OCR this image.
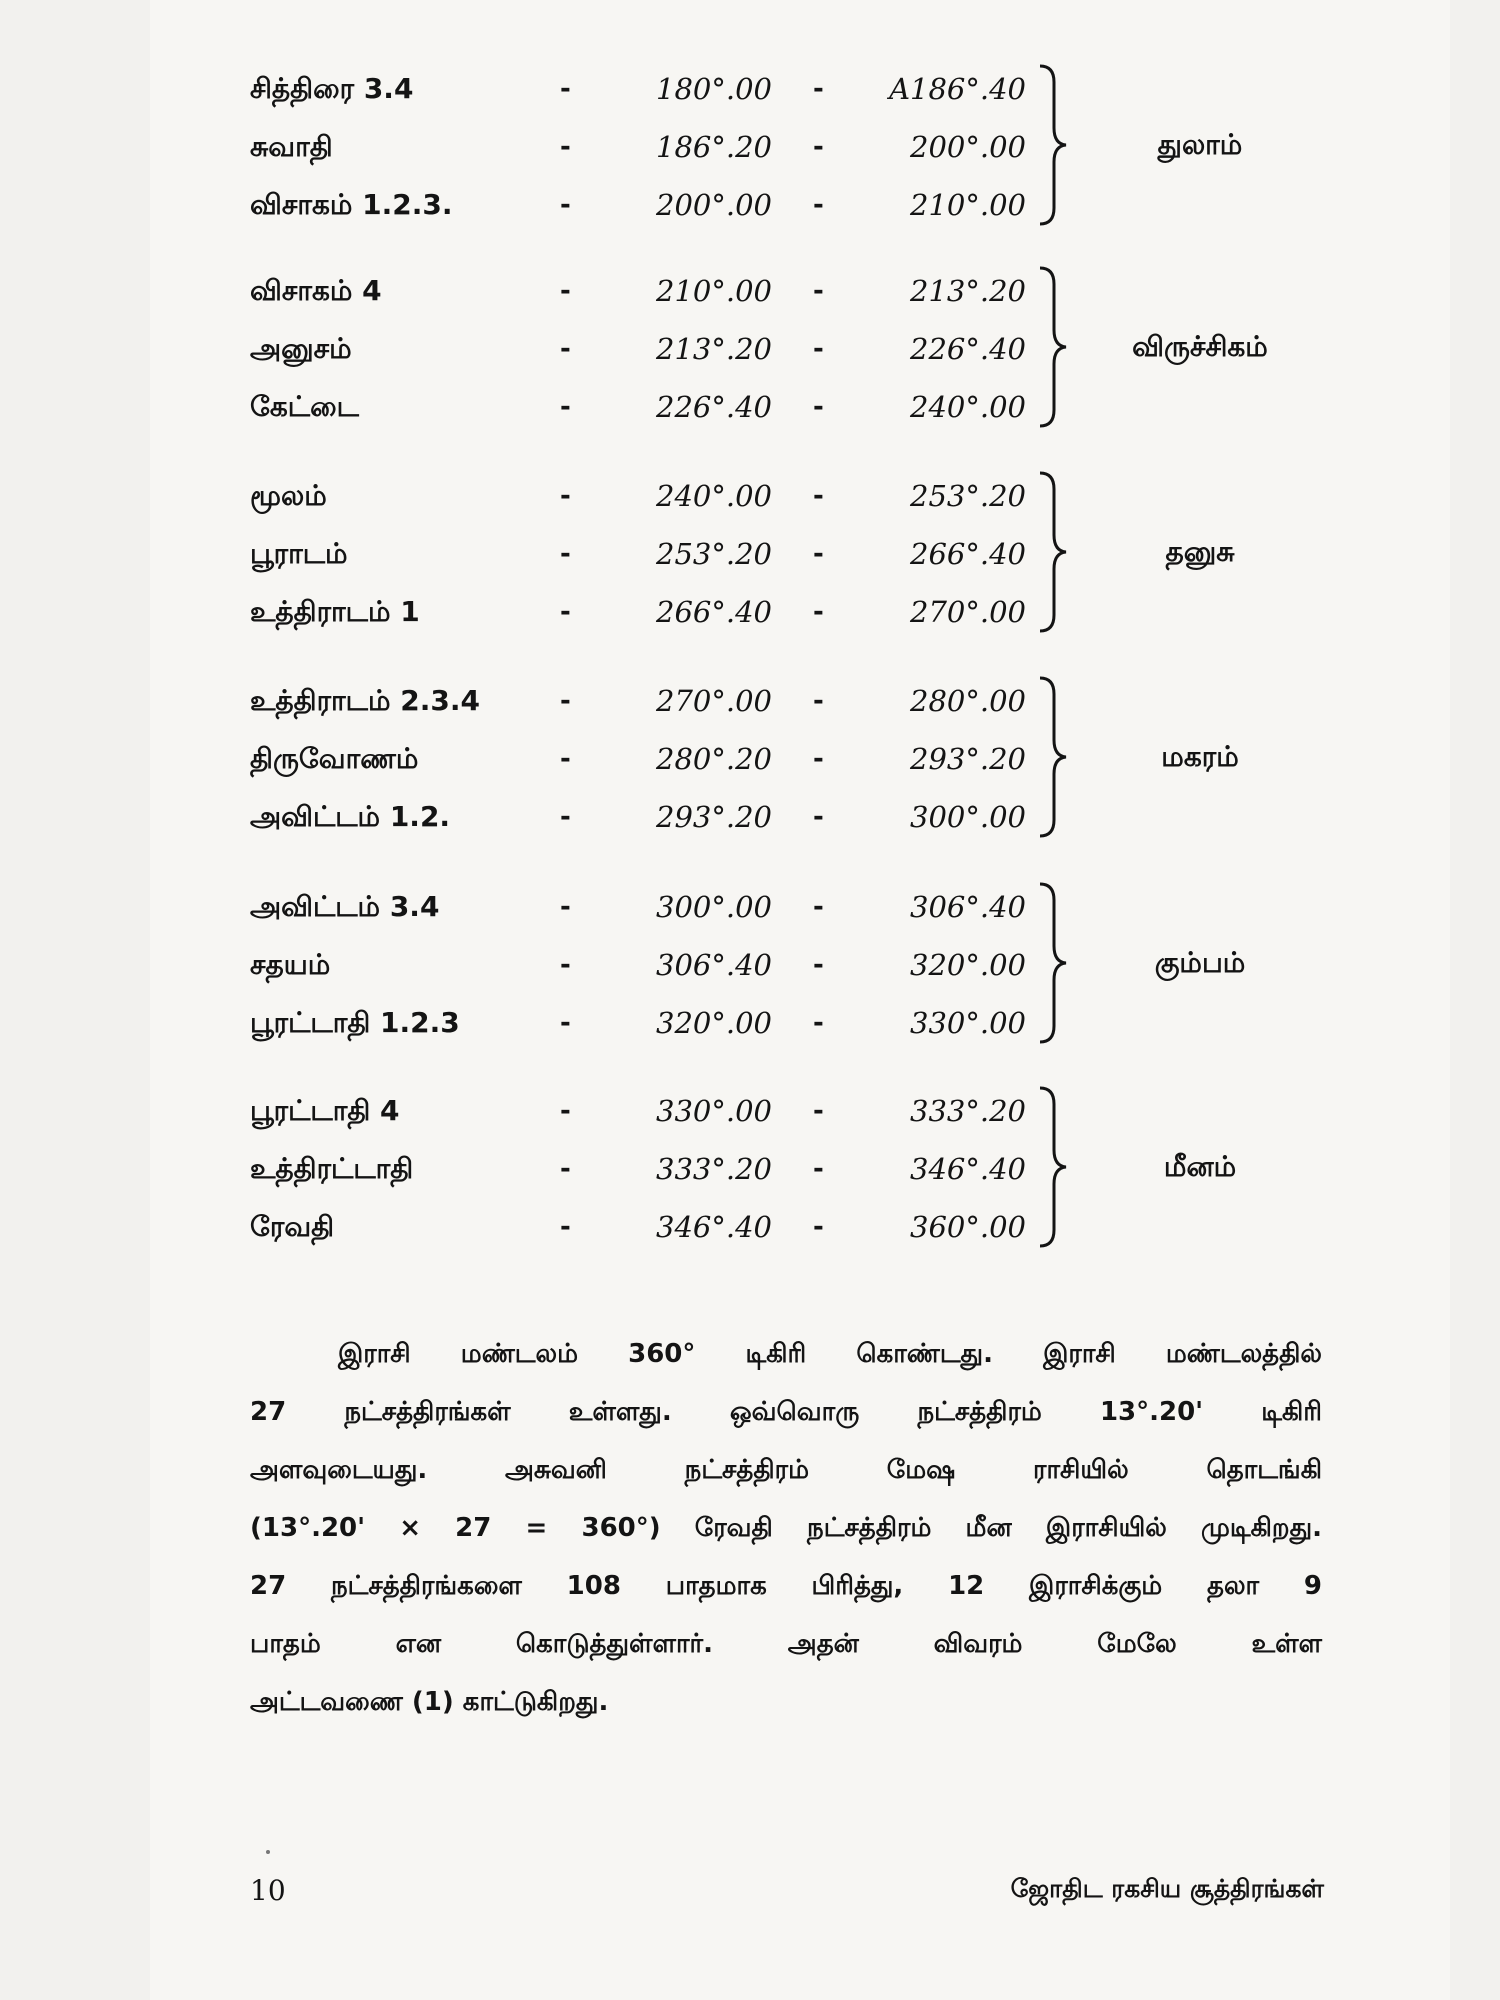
சித்திரை 3.4	-	180°.00 -	A186°.40
சுவாதி	-	186°.20 -	200°.00
விசாகம் 1.2.3.	-	200°.00 -	210°.00
துலாம்
விசாகம் 4	-	210°.00 -	213°.20
அனுசம்	-	213°.20 -	226°.40
கேட்டை	-	226°.40 -	240°.00
விருச்சிகம்
மூலம்	-	240°.00 -	253°.20
பூராடம்	-	253°.20 -	266°.40
உத்திராடம் 1	-	266°.40 -	270°.00
தனுசு
உத்திராடம் 2.3.4	-	270°.00 -	280°.00
திருவோணம்	-	280°.20 -	293°.20
அவிட்டம் 1.2.	-	293°.20 -	300°.00
மகரம்
அவிட்டம் 3.4	-	300°.00 -	306°.40
சதயம்	-	306°.40 -	320°.00
பூரட்டாதி 1.2.3	-	320°.00 -	330°.00
கும்பம்
பூரட்டாதி 4	-	330°.00 -	333°.20
உத்திரட்டாதி	-	333°.20 -	346°.40
ரேவதி	-	346°.40 -	360°.00
மீனம்
இராசி மண்டலம் 360° டிகிரி கொண்டது. இராசி மண்டலத்தில்
27 நட்சத்திரங்கள் உள்ளது. ஒவ்வொரு நட்சத்திரம் 13°.20' டிகிரி
அளவுடையது. அசுவனி நட்சத்திரம் மேஷ ராசியில் தொடங்கி
(13°.20' × 27 = 360°) ரேவதி நட்சத்திரம் மீன இராசியில் முடிகிறது.
27 நட்சத்திரங்களை 108 பாதமாக பிரித்து, 12 இராசிக்கும் தலா 9
பாதம் என கொடுத்துள்ளார். அதன் விவரம் மேலே உள்ள
அட்டவணை (1) காட்டுகிறது.
10	ஜோதிட ரகசிய சூத்திரங்கள்
